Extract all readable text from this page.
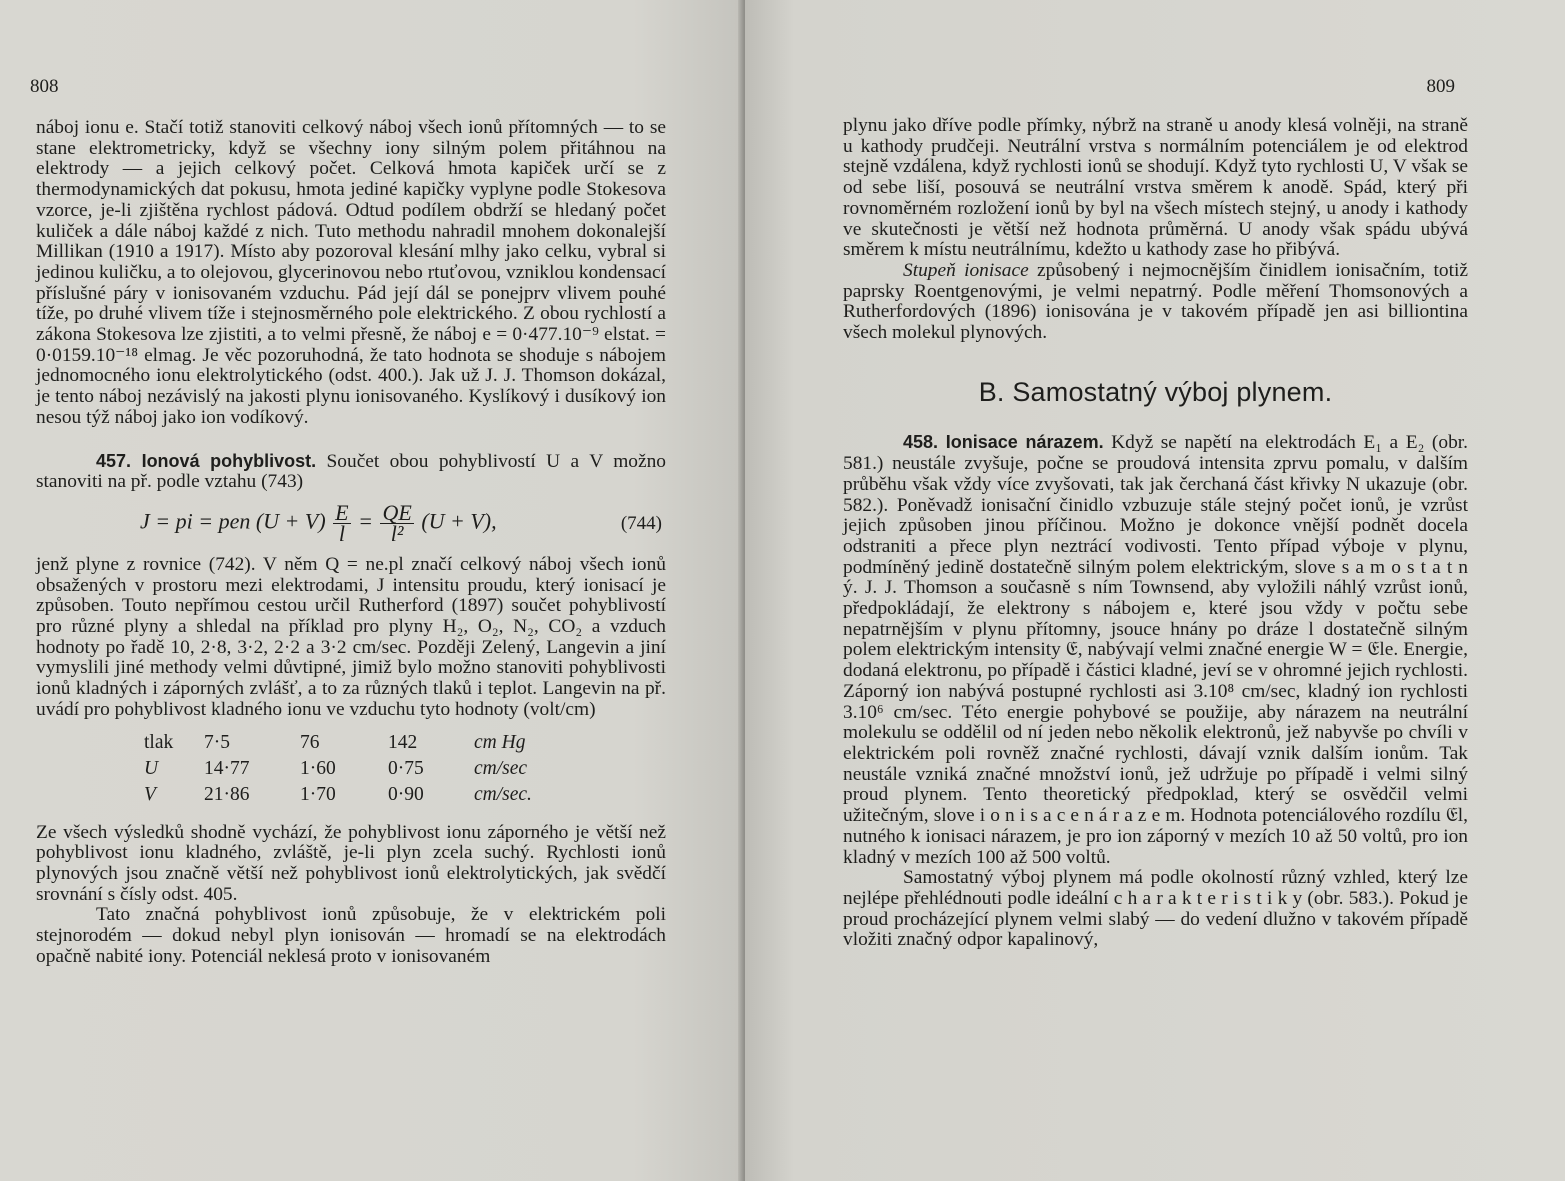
808

náboj ionu e. Stačí totiž stanoviti celkový náboj všech ionů přítomných — to se stane elektrometricky, když se všechny iony silným polem přitáhnou na elektrody — a jejich celkový počet. Celková hmota kapiček určí se z thermodynamických dat pokusu, hmota jediné kapičky vyplyne podle Stokesova vzorce, je-li zjištěna rychlost pádová. Odtud podílem obdrží se hledaný počet kuliček a dále náboj každé z nich. Tuto methodu nahradil mnohem dokonalejší Millikan (1910 a 1917). Místo aby pozoroval klesání mlhy jako celku, vybral si jedinou kuličku, a to olejovou, glycerinovou nebo rtuťovou, vzniklou kondensací příslušné páry v ionisovaném vzduchu. Pád její dál se ponejprv vlivem pouhé tíže, po druhé vlivem tíže i stejnosměrného pole elektrického. Z obou rychlostí a zákona Stokesova lze zjistiti, a to velmi přesně, že náboj e = 0·477.10⁻⁹ elstat. = 0·0159.10⁻¹⁸ elmag. Je věc pozoruhodná, že tato hodnota se shoduje s nábojem jednomocného ionu elektrolytického (odst. 400.). Jak už J. J. Thomson dokázal, je tento náboj nezávislý na jakosti plynu ionisovaného. Kyslíkový i dusíkový ion nesou týž náboj jako ion vodíkový.

457. Ionová pohyblivost. Součet obou pohyblivostí U a V možno stanoviti na př. podle vztahu (743)

J = pi = pen $(U + V) \frac{E}{l} = \frac{QE}{\text{l²}} (U + V)$,	(744)

jenž plyne z rovnice (742). V něm Q = ne.pl značí celkový náboj všech ionů obsažených v prostoru mezi elektrodami, J intensitu proudu, který ionisací je způsoben. Touto nepřímou cestou určil Rutherford (1897) součet pohyblivostí pro různé plyny a shledal na příklad pro plyny H₂, O₂, N₂, CO₂ a vzduch hodnoty po řadě 10, 2·8, 3·2, 2·2 a 3·2 cm/sec. Později Zelený, Langevin a jiní vymyslili jiné methody velmi důvtipné, jimiž bylo možno stanoviti pohyblivosti ionů kladných i záporných zvlášť, a to za různých tlaků i teplot. Langevin na př. uvádí pro pohyblivost kladného ionu ve vzduchu tyto hodnoty (volt/cm)

tlak	7·5	76	142	cm Hg
U	14·77	1·60	0·75	cm/sec
V	21·86	1·70	0·90	cm/sec.

Ze všech výsledků shodně vychází, že pohyblivost ionu záporného je větší než pohyblivost ionu kladného, zvláště, je-li plyn zcela suchý. Rychlosti ionů plynových jsou značně větší než pohyblivost ionů elektrolytických, jak svědčí srovnání s čísly odst. 405.

Tato značná pohyblivost ionů způsobuje, že v elektrickém poli stejnorodém — dokud nebyl plyn ionisován — hromadí se na elektrodách opačně nabité iony. Potenciál neklesá proto v ionisovaném

809

plynu jako dříve podle přímky, nýbrž na straně u anody klesá volněji, na straně u kathody prudčeji. Neutrální vrstva s normálním potenciálem je od elektrod stejně vzdálena, když rychlosti ionů se shodují. Když tyto rychlosti U, V však se od sebe liší, posouvá se neutrální vrstva směrem k anodě. Spád, který při rovnoměrném rozložení ionů by byl na všech místech stejný, u anody i kathody ve skutečnosti je větší než hodnota průměrná. U anody však spádu ubývá směrem k místu neutrálnímu, kdežto u kathody zase ho přibývá.

Stupeň ionisace způsobený i nejmocnějším činidlem ionisačním, totiž paprsky Roentgenovými, je velmi nepatrný. Podle měření Thomsonových a Rutherfordových (1896) ionisována je v takovém případě jen asi billiontina všech molekul plynových.

B. Samostatný výboj plynem.

458. Ionisace nárazem. Když se napětí na elektrodách E₁ a E₂ (obr. 581.) neustále zvyšuje, počne se proudová intensita zprvu pomalu, v dalším průběhu však vždy více zvyšovati, tak jak čerchaná část křivky N ukazuje (obr. 582.). Poněvadž ionisační činidlo vzbuzuje stále stejný počet ionů, je vzrůst jejich způsoben jinou příčinou. Možno je dokonce vnější podnět docela odstraniti a přece plyn neztrácí vodivosti. Tento případ výboje v plynu, podmíněný jedině dostatečně silným polem elektrickým, slove s a m o s t a t n ý. J. J. Thomson a současně s ním Townsend, aby vyložili náhlý vzrůst ionů, předpokládají, že elektrony s nábojem e, které jsou vždy v počtu sebe nepatrnějším v plynu přítomny, jsouce hnány po dráze l dostatečně silným polem elektrickým intensity 𝔈, nabývají velmi značné energie W = 𝔈le. Energie, dodaná elektronu, po případě i částici kladné, jeví se v ohromné jejich rychlosti. Záporný ion nabývá postupné rychlosti asi 3.10⁸ cm/sec, kladný ion rychlosti 3.10⁶ cm/sec. Této energie pohybové se použije, aby nárazem na neutrální molekulu se oddělil od ní jeden nebo několik elektronů, jež nabyvše po chvíli v elektrickém poli rovněž značné rychlosti, dávají vznik dalším ionům. Tak neustále vzniká značné množství ionů, jež udržuje po případě i velmi silný proud plynem. Tento theoretický předpoklad, který se osvědčil velmi užitečným, slove i o n i s a c e n á r a z e m. Hodnota potenciálového rozdílu 𝔈l, nutného k ionisaci nárazem, je pro ion záporný v mezích 10 až 50 voltů, pro ion kladný v mezích 100 až 500 voltů.

Samostatný výboj plynem má podle okolností různý vzhled, který lze nejlépe přehlédnouti podle ideální c h a r a k t e r i s t i k y (obr. 583.). Pokud je proud procházející plynem velmi slabý — do vedení dlužno v takovém případě vložiti značný odpor kapalinový,
